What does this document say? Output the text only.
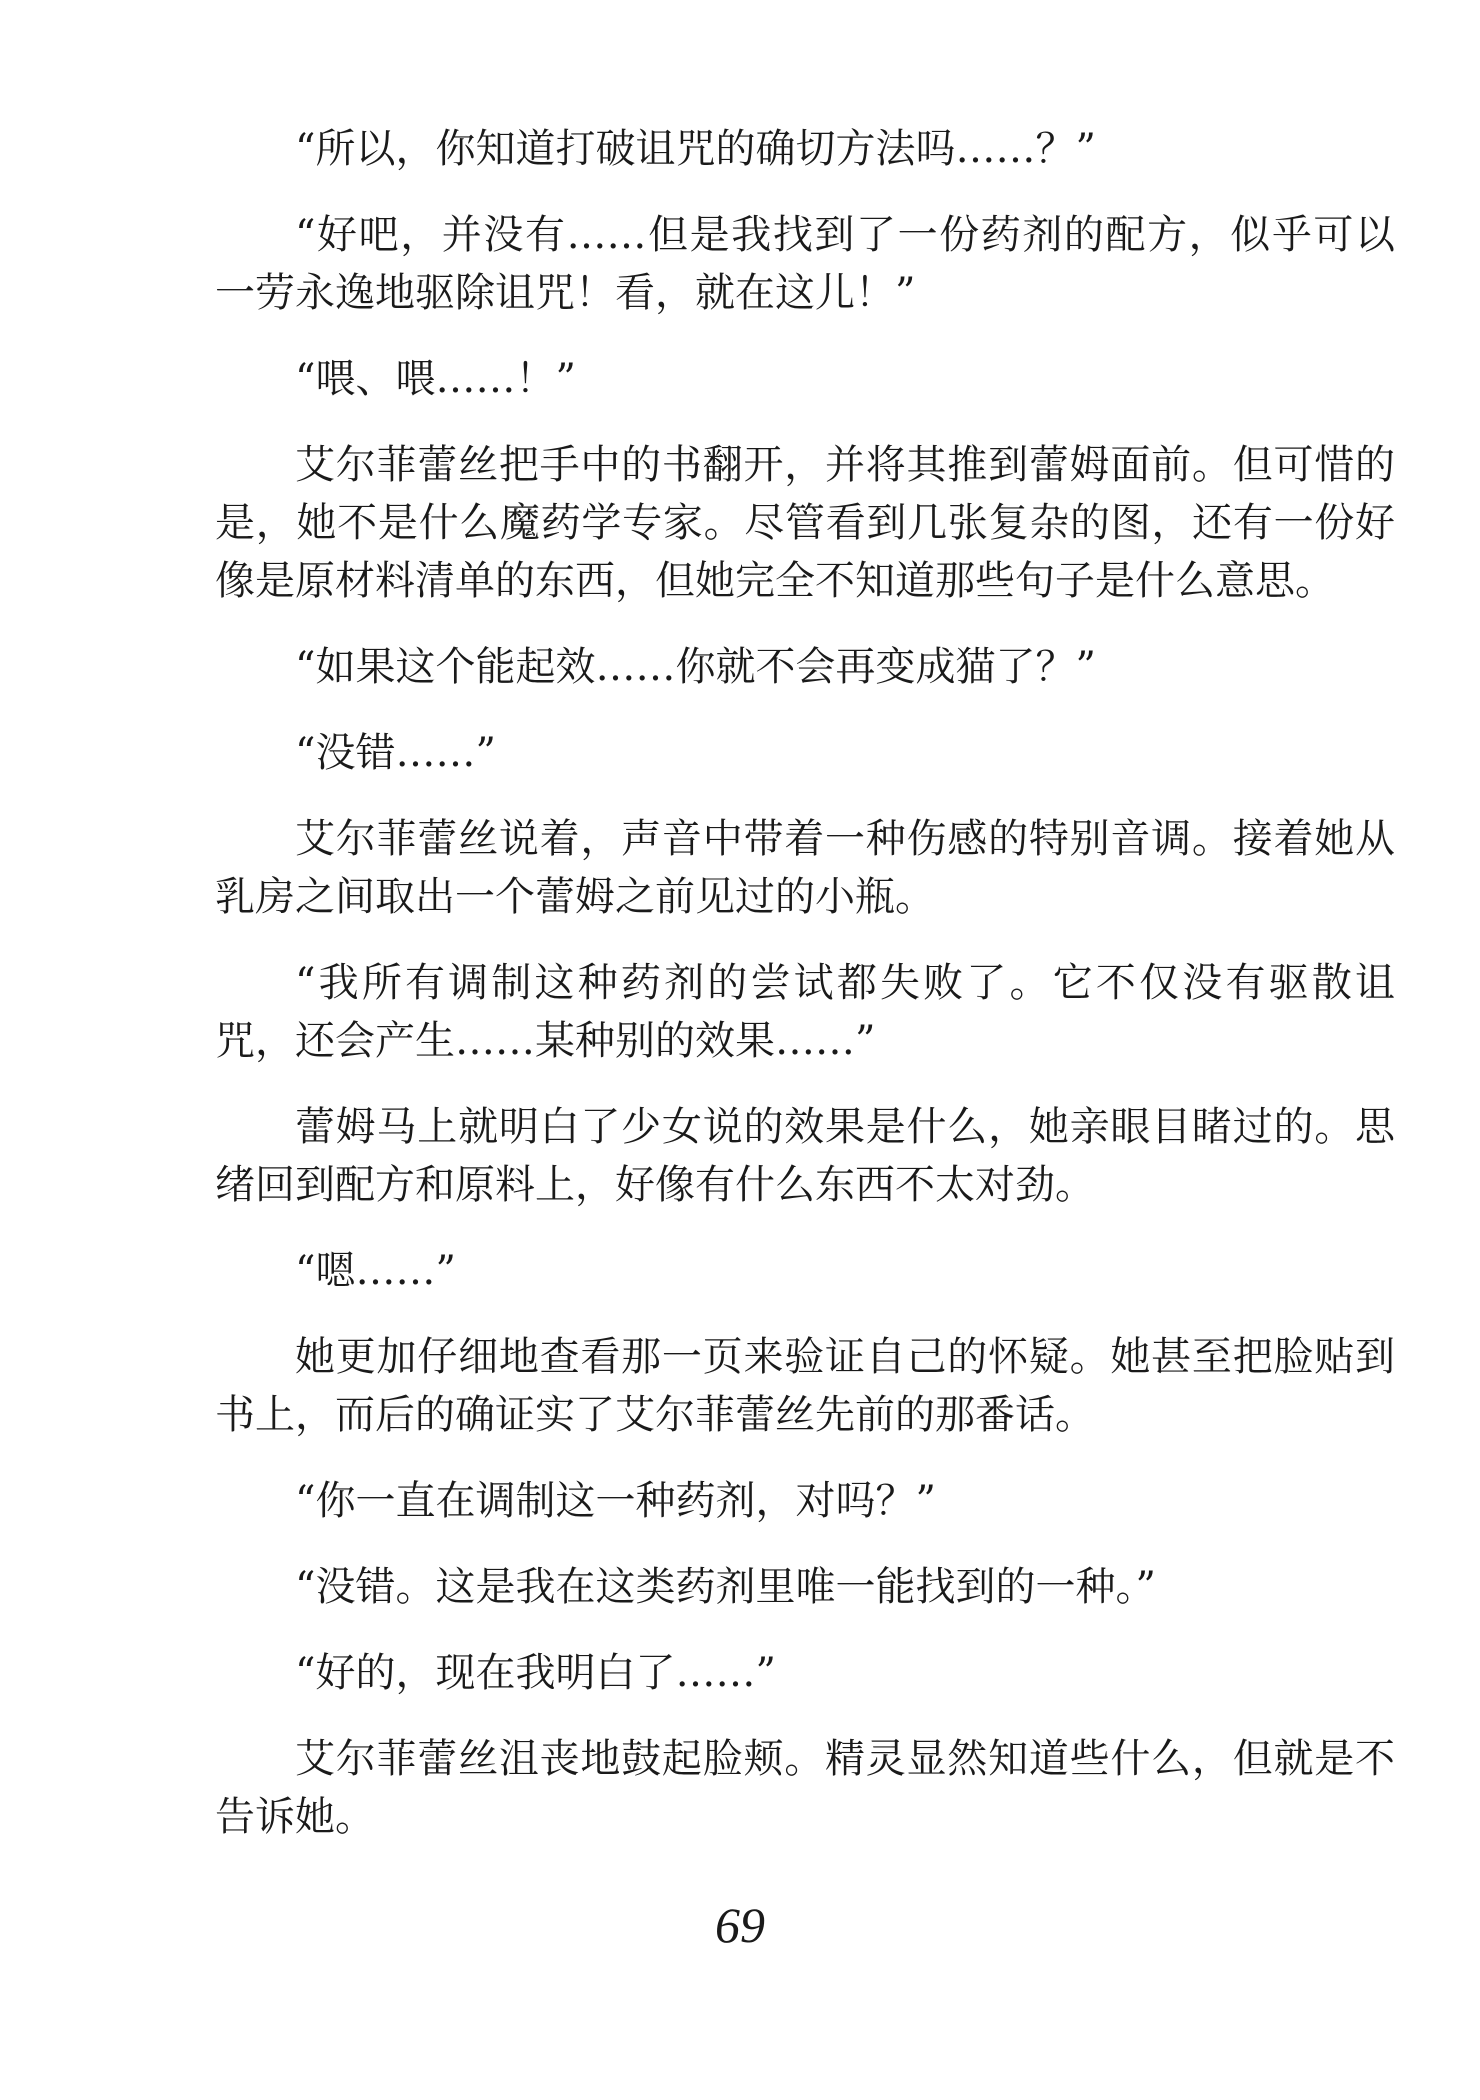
“所以，你知道打破诅咒的确切方法吗……？”

“好吧，并没有……但是我找到了一份药剂的配方，似乎可以一劳永逸地驱除诅咒！看，就在这儿！”

“喂、喂……！”

艾尔菲蕾丝把手中的书翻开，并将其推到蕾姆面前。但可惜的是，她不是什么魔药学专家。尽管看到几张复杂的图，还有一份好像是原材料清单的东西，但她完全不知道那些句子是什么意思。

“如果这个能起效……你就不会再变成猫了？”

“没错……”

艾尔菲蕾丝说着，声音中带着一种伤感的特别音调。接着她从乳房之间取出一个蕾姆之前见过的小瓶。

“我所有调制这种药剂的尝试都失败了。它不仅没有驱散诅咒，还会产生……某种别的效果……”

蕾姆马上就明白了少女说的效果是什么，她亲眼目睹过的。思绪回到配方和原料上，好像有什么东西不太对劲。

“嗯……”

她更加仔细地查看那一页来验证自己的怀疑。她甚至把脸贴到书上，而后的确证实了艾尔菲蕾丝先前的那番话。

“你一直在调制这一种药剂，对吗？”

“没错。这是我在这类药剂里唯一能找到的一种。”

“好的，现在我明白了……”

艾尔菲蕾丝沮丧地鼓起脸颊。精灵显然知道些什么，但就是不告诉她。

69
